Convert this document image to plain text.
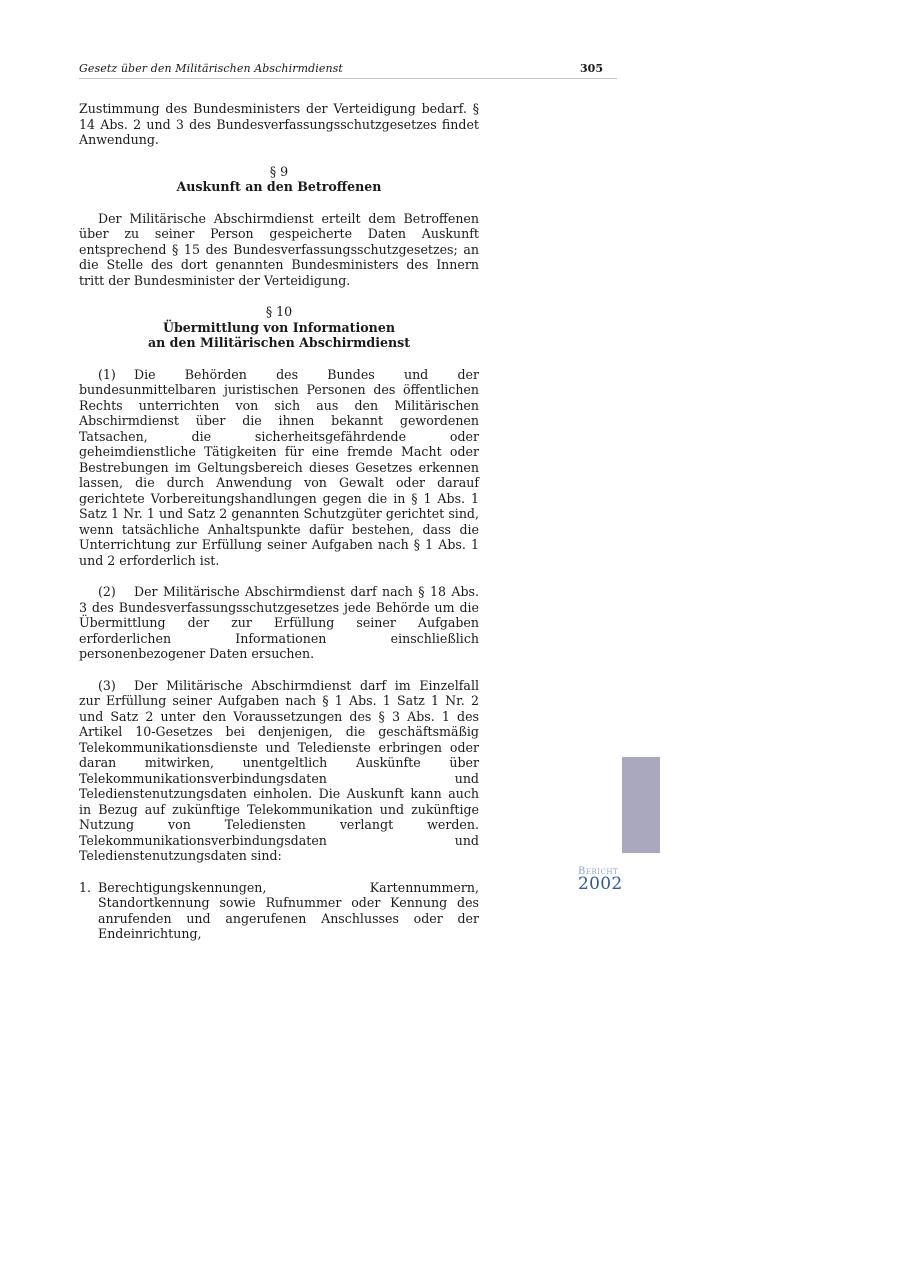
Gesetz über den Militärischen Abschirmdienst	305

Zustimmung des Bundesministers der Verteidigung bedarf. § 14 Abs. 2 und 3 des Bundesverfassungsschutzgesetzes findet Anwendung.

§ 9
Auskunft an den Betroffenen

Der Militärische Abschirmdienst erteilt dem Betroffenen über zu seiner Person gespeicherte Daten Auskunft entsprechend § 15 des Bundesverfassungsschutzgesetzes; an die Stelle des dort genannten Bundesministers des Innern tritt der Bundesminister der Verteidigung.

§ 10
Übermittlung von Informationen
an den Militärischen Abschirmdienst

(1) Die Behörden des Bundes und der bundesunmittelbaren juristischen Personen des öffentlichen Rechts unterrichten von sich aus den Militärischen Abschirmdienst über die ihnen bekannt gewordenen Tatsachen, die sicherheitsgefährdende oder geheimdienstliche Tätigkeiten für eine fremde Macht oder Bestrebungen im Geltungsbereich dieses Gesetzes erkennen lassen, die durch Anwendung von Gewalt oder darauf gerichtete Vorbereitungshandlungen gegen die in § 1 Abs. 1 Satz 1 Nr. 1 und Satz 2 genannten Schutzgüter gerichtet sind, wenn tatsächliche Anhaltspunkte dafür bestehen, dass die Unterrichtung zur Erfüllung seiner Aufgaben nach § 1 Abs. 1 und 2 erforderlich ist.

(2) Der Militärische Abschirmdienst darf nach § 18 Abs. 3 des Bundesverfassungsschutzgesetzes jede Behörde um die Übermittlung der zur Erfüllung seiner Aufgaben erforderlichen Informationen einschließlich personenbezogener Daten ersuchen.

(3) Der Militärische Abschirmdienst darf im Einzelfall zur Erfüllung seiner Aufgaben nach § 1 Abs. 1 Satz 1 Nr. 2 und Satz 2 unter den Voraussetzungen des § 3 Abs. 1 des Artikel 10-Gesetzes bei denjenigen, die geschäftsmäßig Telekommunikationsdienste und Teledienste erbringen oder daran mitwirken, unentgeltlich Auskünfte über Telekommunikationsverbindungsdaten und Teledienstenutzungsdaten einholen. Die Auskunft kann auch in Bezug auf zukünftige Telekommunikation und zukünftige Nutzung von Telediensten verlangt werden. Telekommunikationsverbindungsdaten und Teledienstenutzungsdaten sind:

1. Berechtigungskennungen, Kartennummern, Standortkennung sowie Rufnummer oder Kennung des anrufenden und angerufenen Anschlusses oder der Endeinrichtung,
Bericht
2002
